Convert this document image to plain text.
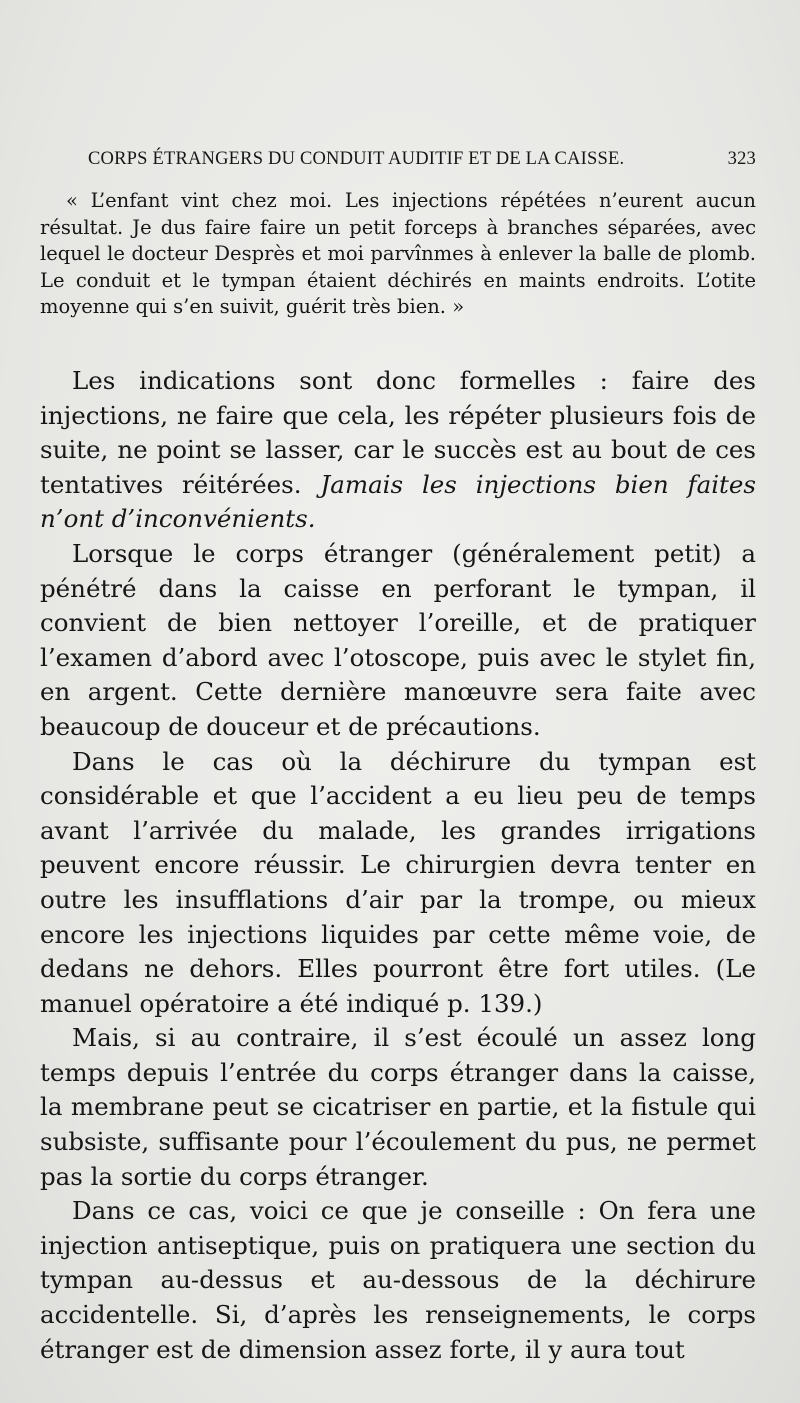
CORPS ÉTRANGERS DU CONDUIT AUDITIF ET DE LA CAISSE.	323
« L’enfant vint chez moi. Les injections répétées n’eurent aucun résultat. Je dus faire faire un petit forceps à branches séparées, avec lequel le docteur Desprès et moi parvînmes à enlever la balle de plomb. Le conduit et le tympan étaient déchirés en maints endroits. L’otite moyenne qui s’en suivit, guérit très bien. »

Les indications sont donc formelles : faire des injections, ne faire que cela, les répéter plusieurs fois de suite, ne point se lasser, car le succès est au bout de ces tentatives réitérées. Jamais les injections bien faites n’ont d’inconvénients.

Lorsque le corps étranger (généralement petit) a pénétré dans la caisse en perforant le tympan, il convient de bien nettoyer l’oreille, et de pratiquer l’examen d’abord avec l’otoscope, puis avec le stylet fin, en argent. Cette dernière manœuvre sera faite avec beaucoup de douceur et de précautions.

Dans le cas où la déchirure du tympan est considérable et que l’accident a eu lieu peu de temps avant l’arrivée du malade, les grandes irrigations peuvent encore réussir. Le chirurgien devra tenter en outre les insufflations d’air par la trompe, ou mieux encore les injections liquides par cette même voie, de dedans ne dehors. Elles pourront être fort utiles. (Le manuel opératoire a été indiqué p. 139.)

Mais, si au contraire, il s’est écoulé un assez long temps depuis l’entrée du corps étranger dans la caisse, la membrane peut se cicatriser en partie, et la fistule qui subsiste, suffisante pour l’écoulement du pus, ne permet pas la sortie du corps étranger.

Dans ce cas, voici ce que je conseille : On fera une injection antiseptique, puis on pratiquera une section du tympan au-dessus et au-dessous de la déchirure accidentelle. Si, d’après les renseignements, le corps étranger est de dimension assez forte, il y aura tout
